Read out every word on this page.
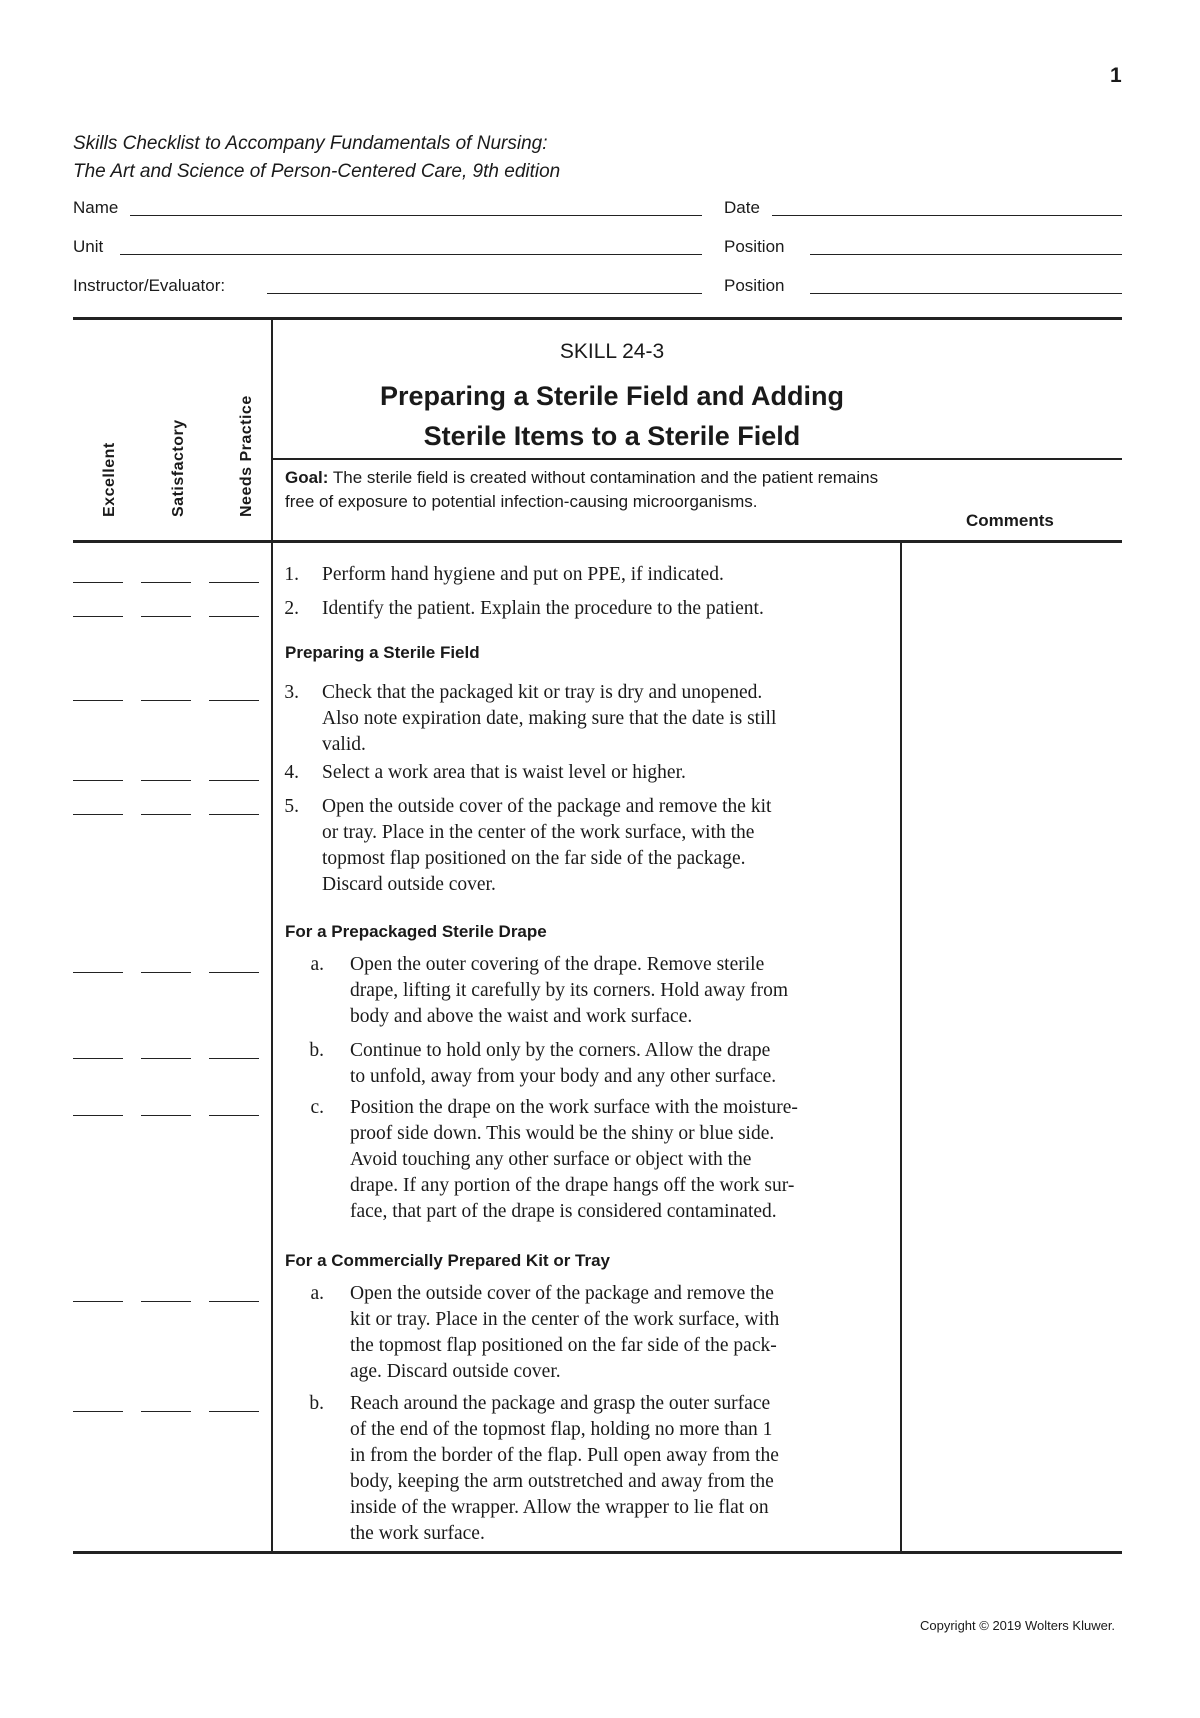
1
Skills Checklist to Accompany Fundamentals of Nursing:
The Art and Science of Person-Centered Care, 9th edition
Name	Date
Unit	Position
Instructor/Evaluator:	Position
Excellent	Satisfactory	Needs Practice
SKILL 24-3
Preparing a Sterile Field and Adding
Sterile Items to a Sterile Field
Goal: The sterile field is created without contamination and the patient remains free of exposure to potential infection-causing microorganisms.
Comments
Preparing a Sterile Field
For a Prepackaged Sterile Drape
For a Commercially Prepared Kit or Tray
1. Perform hand hygiene and put on PPE, if indicated.
2. Identify the patient. Explain the procedure to the patient.
3. Check that the packaged kit or tray is dry and unopened.
Also note expiration date, making sure that the date is still
valid.
4. Select a work area that is waist level or higher.
5. Open the outside cover of the package and remove the kit
or tray. Place in the center of the work surface, with the
topmost flap positioned on the far side of the package.
Discard outside cover.
a. Open the outer covering of the drape. Remove sterile
drape, lifting it carefully by its corners. Hold away from
body and above the waist and work surface.
b. Continue to hold only by the corners. Allow the drape
to unfold, away from your body and any other surface.
c. Position the drape on the work surface with the moisture-
proof side down. This would be the shiny or blue side.
Avoid touching any other surface or object with the
drape. If any portion of the drape hangs off the work sur-
face, that part of the drape is considered contaminated.
a. Open the outside cover of the package and remove the
kit or tray. Place in the center of the work surface, with
the topmost flap positioned on the far side of the pack-
age. Discard outside cover.
b. Reach around the package and grasp the outer surface
of the end of the topmost flap, holding no more than 1
in from the border of the flap. Pull open away from the
body, keeping the arm outstretched and away from the
inside of the wrapper. Allow the wrapper to lie flat on
the work surface.
Copyright © 2019 Wolters Kluwer.
